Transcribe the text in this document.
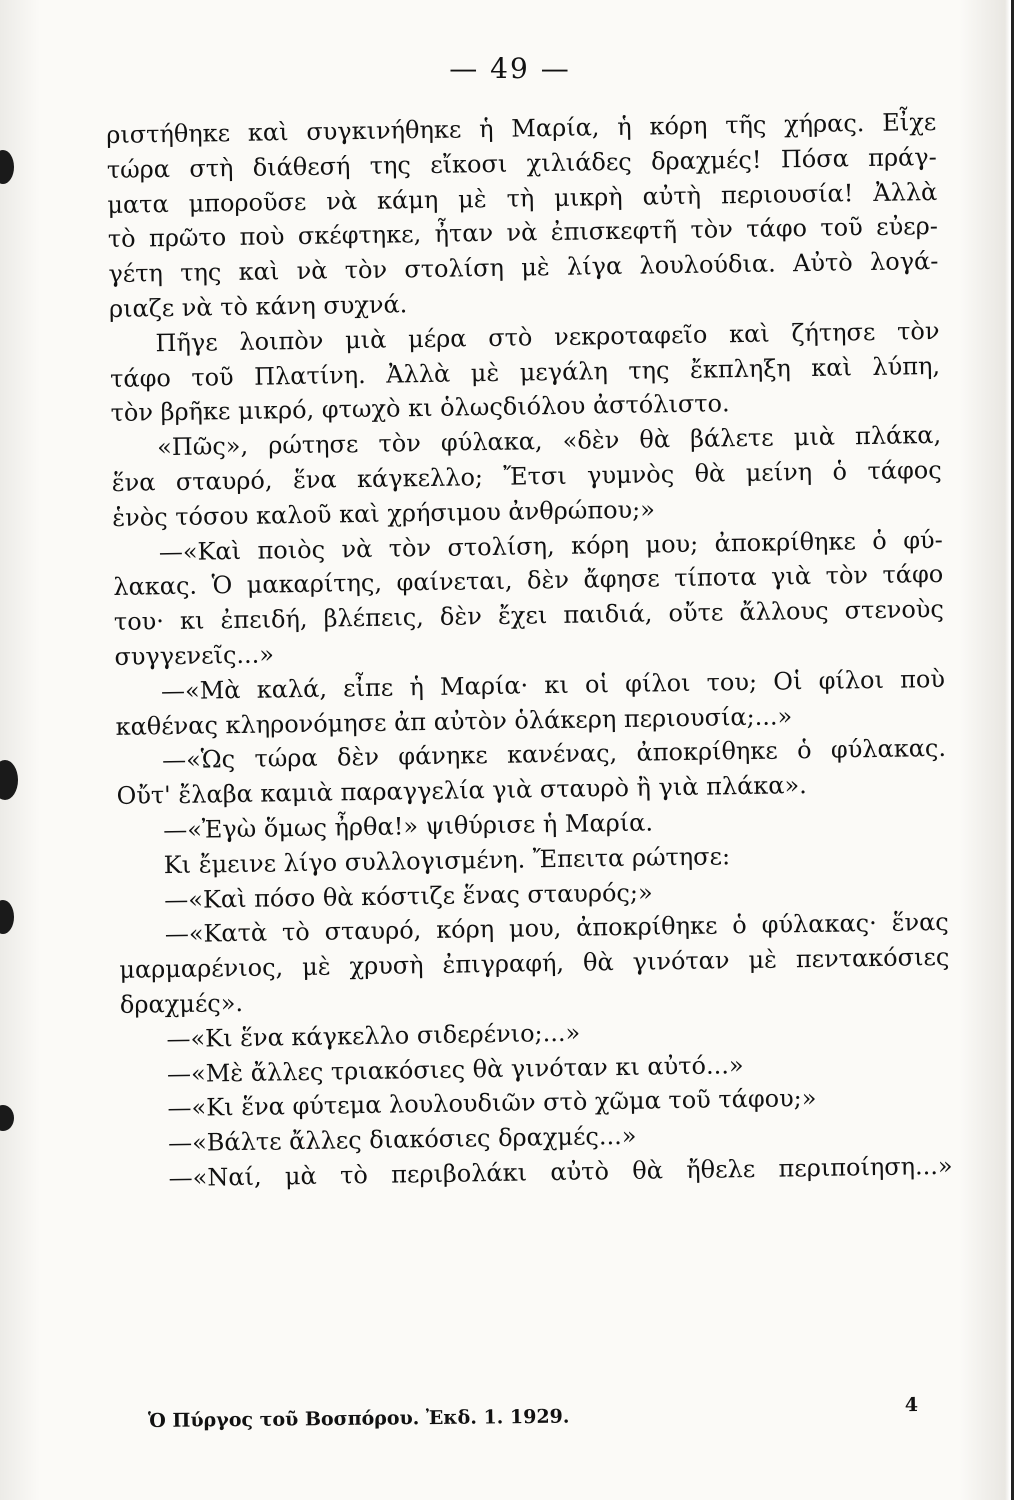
— 49 —
ριστήθηκε καὶ συγκινήθηκε ἡ Μαρία, ἡ κόρη τῆς χήρας. Εἶχε
τώρα στὴ διάθεσή της εἴκοσι χιλιάδες δραχμές! Πόσα πράγ-
ματα μποροῦσε νὰ κάμη μὲ τὴ μικρὴ αὐτὴ περιουσία! Ἀλλὰ
τὸ πρῶτο ποὺ σκέφτηκε, ἦταν νὰ ἐπισκεφτῆ τὸν τάφο τοῦ εὐερ-
γέτη της καὶ νὰ τὸν στολίση μὲ λίγα λουλούδια. Αὐτὸ λογά-
ριαζε νὰ τὸ κάνη συχνά.
Πῆγε λοιπὸν μιὰ μέρα στὸ νεκροταφεῖο καὶ ζήτησε τὸν
τάφο τοῦ Πλατίνη. Ἀλλὰ μὲ μεγάλη της ἔκπληξη καὶ λύπη,
τὸν βρῆκε μικρό, φτωχὸ κι ὁλωςδιόλου ἀστόλιστο.
«Πῶς», ρώτησε τὸν φύλακα, «δὲν θὰ βάλετε μιὰ πλάκα,
ἕνα σταυρό, ἕνα κάγκελλο; Ἔτσι γυμνὸς θὰ μείνη ὁ τάφος
ἑνὸς τόσου καλοῦ καὶ χρήσιμου ἀνθρώπου;»
—«Καὶ ποιὸς νὰ τὸν στολίση, κόρη μου; ἀποκρίθηκε ὁ φύ-
λακας. Ὁ μακαρίτης, φαίνεται, δὲν ἄφησε τίποτα γιὰ τὸν τάφο
του· κι ἐπειδή, βλέπεις, δὲν ἔχει παιδιά, οὔτε ἄλλους στενοὺς
συγγενεῖς...»
—«Μὰ καλά, εἶπε ἡ Μαρία· κι οἱ φίλοι του; Οἱ φίλοι ποὺ
καθένας κληρονόμησε ἀπ αὐτὸν ὁλάκερη περιουσία;...»
—«Ὡς τώρα δὲν φάνηκε κανένας, ἀποκρίθηκε ὁ φύλακας.
Οὔτ' ἔλαβα καμιὰ παραγγελία γιὰ σταυρὸ ἢ γιὰ πλάκα».
—«Ἐγὼ ὅμως ἦρθα!» ψιθύρισε ἡ Μαρία.
Κι ἔμεινε λίγο συλλογισμένη. Ἔπειτα ρώτησε:
—«Καὶ πόσο θὰ κόστιζε ἕνας σταυρός;»
—«Κατὰ τὸ σταυρό, κόρη μου, ἀποκρίθηκε ὁ φύλακας· ἕνας
μαρμαρένιος, μὲ χρυσὴ ἐπιγραφή, θὰ γινόταν μὲ πεντακόσιες
δραχμές».
—«Κι ἕνα κάγκελλο σιδερένιο;...»
—«Μὲ ἄλλες τριακόσιες θὰ γινόταν κι αὐτό...»
—«Κι ἕνα φύτεμα λουλουδιῶν στὸ χῶμα τοῦ τάφου;»
—«Βάλτε ἄλλες διακόσιες δραχμές...»
—«Ναί, μὰ τὸ περιβολάκι αὐτὸ θὰ ἤθελε περιποίηση...»
Ὁ Πύργος τοῦ Βοσπόρου. Ἐκδ. 1. 1929.
4
